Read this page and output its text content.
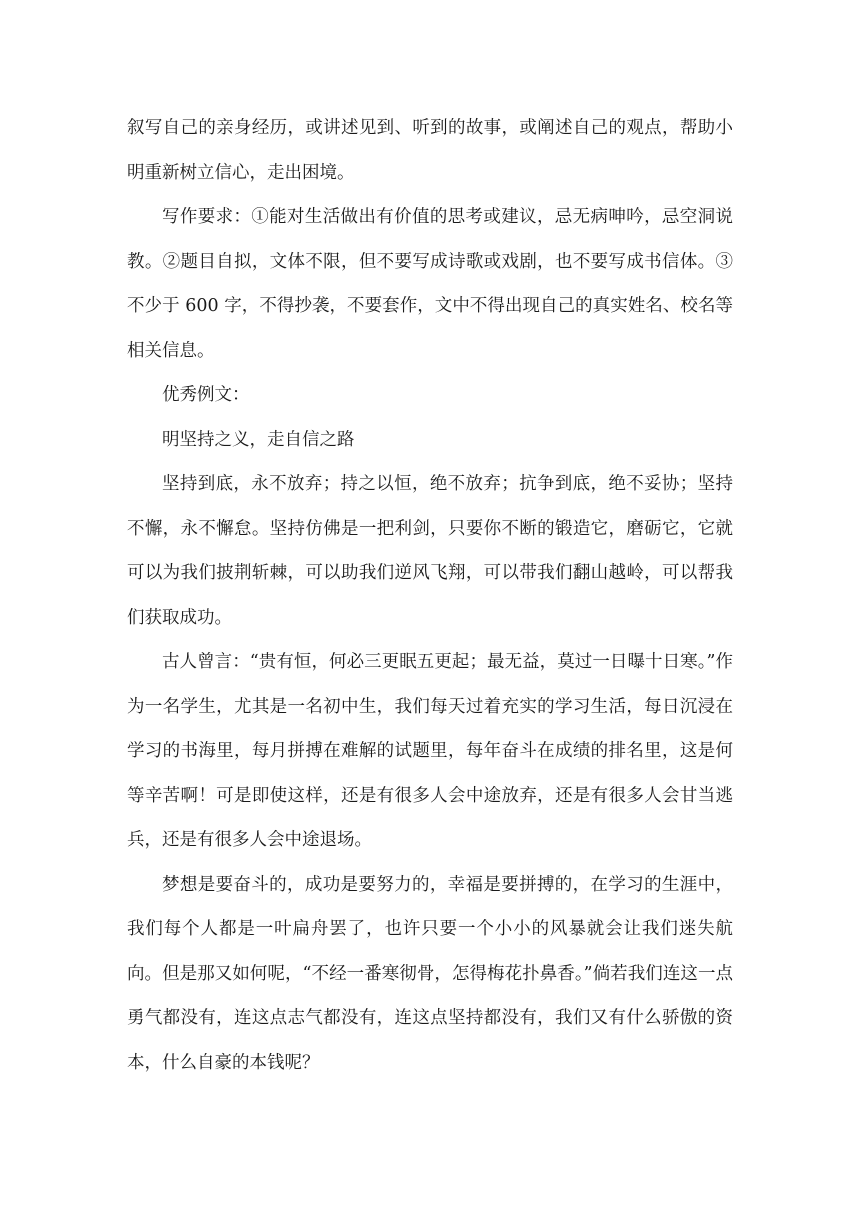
叙写自己的亲身经历，或讲述见到、听到的故事，或阐述自己的观点，帮助小明重新树立信心，走出困境。

写作要求：①能对生活做出有价值的思考或建议，忌无病呻吟，忌空洞说教。②题目自拟，文体不限，但不要写成诗歌或戏剧，也不要写成书信体。③不少于 600 字，不得抄袭，不要套作，文中不得出现自己的真实姓名、校名等相关信息。

优秀例文：

明坚持之义，走自信之路

坚持到底，永不放弃；持之以恒，绝不放弃；抗争到底，绝不妥协；坚持不懈，永不懈怠。坚持仿佛是一把利剑，只要你不断的锻造它，磨砺它，它就可以为我们披荆斩棘，可以助我们逆风飞翔，可以带我们翻山越岭，可以帮我们获取成功。

古人曾言：“贵有恒，何必三更眠五更起；最无益，莫过一日曝十日寒。”作为一名学生，尤其是一名初中生，我们每天过着充实的学习生活，每日沉浸在学习的书海里，每月拼搏在难解的试题里，每年奋斗在成绩的排名里，这是何等辛苦啊！可是即使这样，还是有很多人会中途放弃，还是有很多人会甘当逃兵，还是有很多人会中途退场。

梦想是要奋斗的，成功是要努力的，幸福是要拼搏的，在学习的生涯中，我们每个人都是一叶扁舟罢了，也许只要一个小小的风暴就会让我们迷失航向。但是那又如何呢，“不经一番寒彻骨，怎得梅花扑鼻香。”倘若我们连这一点勇气都没有，连这点志气都没有，连这点坚持都没有，我们又有什么骄傲的资本，什么自豪的本钱呢？
